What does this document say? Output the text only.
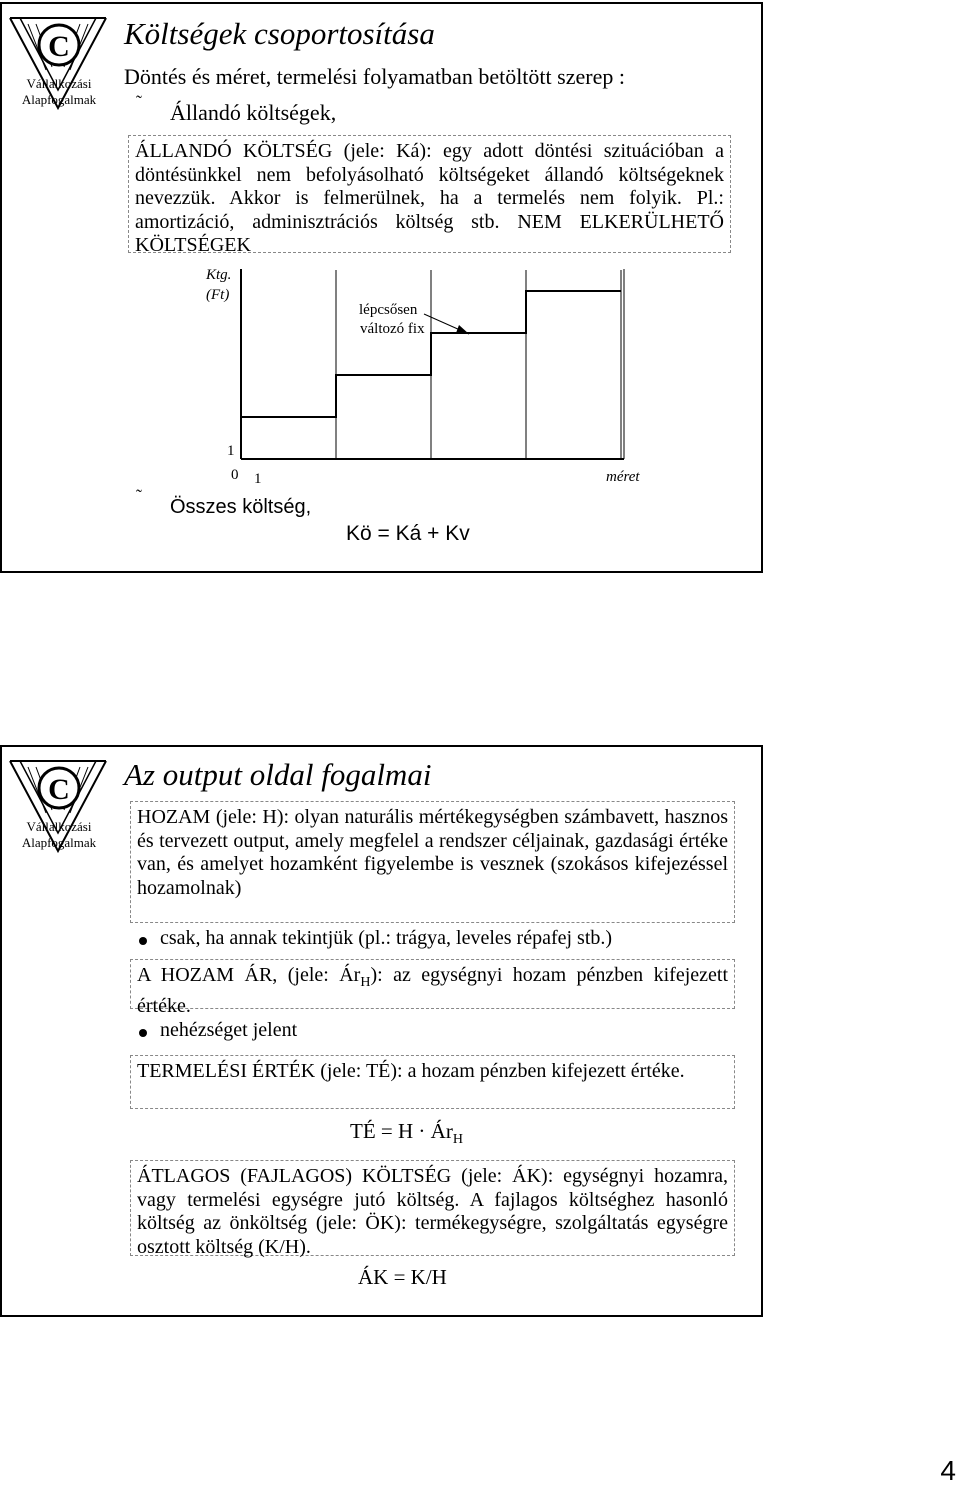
C
Vállalkozási
Alapfogalmak
Költségek csoportosítása
Döntés és méret, termelési folyamatban betöltött szerep :
˜ Állandó költségek,
ÁLLANDÓ KÖLTSÉG (jele: Ká): egy adott döntési szituációban a döntésünkkel nem befolyásolható költségeket állandó költségeknek nevezzük. Akkor is felmerülnek, ha a termelés nem folyik. Pl.: amortizáció, adminisztrációs költség stb. NEM ELKERÜLHETŐ KÖLTSÉGEK
Ktg.
(Ft)
lépcsősen
változó fix
1
0 1	méret
˜ Összes költség,
Kö = Ká + Kv
C
Vállalkozási
Alapfogalmak
Az output oldal fogalmai
HOZAM (jele: H): olyan naturális mértékegységben számbavett, hasznos és tervezett output, amely megfelel a rendszer céljainak, gazdasági értéke van, és amelyet hozamként figyelembe is vesznek (szokásos kifejezéssel hozamolnak)
csak, ha annak tekintjük (pl.: trágya, leveles répafej stb.)
A HOZAM ÁR, (jele: $Ár_H$): az egységnyi hozam pénzben kifejezett értéke.
nehézséget jelent
TERMELÉSI ÉRTÉK (jele: TÉ): a hozam pénzben kifejezett értéke.
TÉ = $H \cdot Ár_H$
ÁTLAGOS (FAJLAGOS) KÖLTSÉG (jele: ÁK): egységnyi hozamra, vagy termelési egységre jutó költség. A fajlagos költséghez hasonló költség az önköltség (jele: ÖK): termékegységre, szolgáltatás egységre osztott költség (K/H).
ÁK = K/H
4
